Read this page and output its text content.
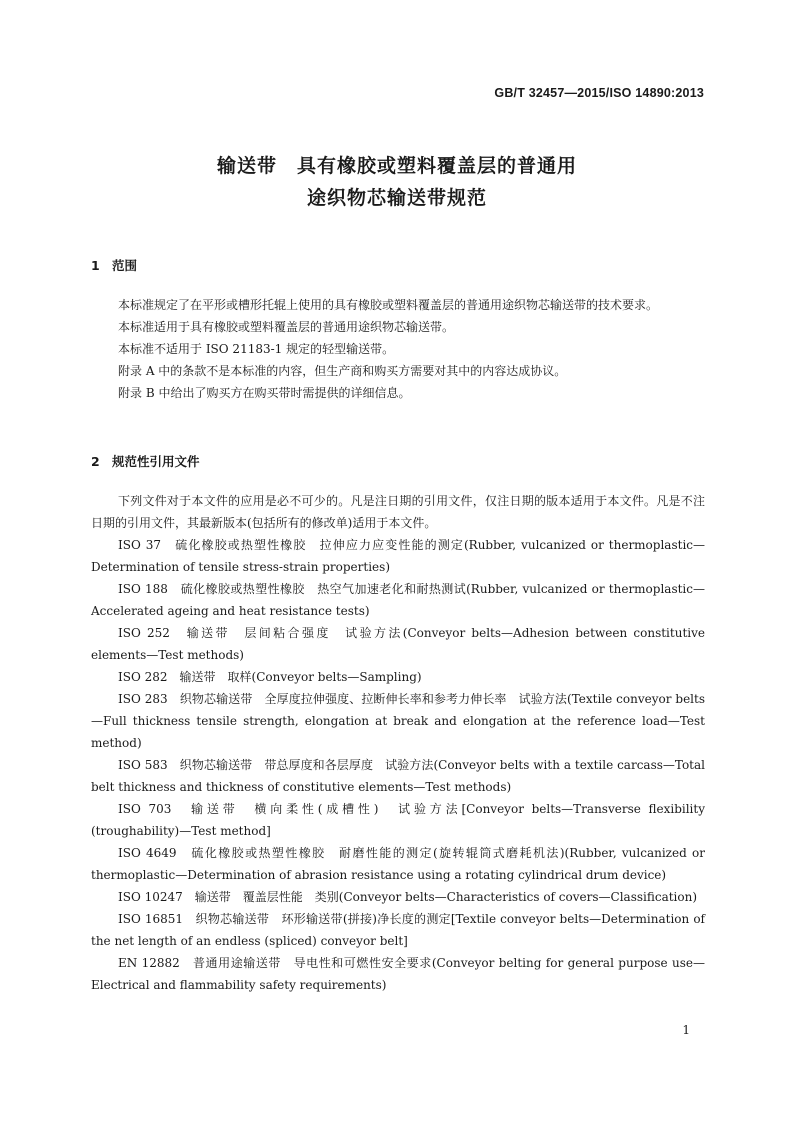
GB/T 32457—2015/ISO 14890:2013
输送带　具有橡胶或塑料覆盖层的普通用
途织物芯输送带规范
1 范围

本标准规定了在平形或槽形托辊上使用的具有橡胶或塑料覆盖层的普通用途织物芯输送带的技术要求。

本标准适用于具有橡胶或塑料覆盖层的普通用途织物芯输送带。

本标准不适用于 ISO 21183-1 规定的轻型输送带。

附录 A 中的条款不是本标准的内容，但生产商和购买方需要对其中的内容达成协议。

附录 B 中给出了购买方在购买带时需提供的详细信息。

2 规范性引用文件

下列文件对于本文件的应用是必不可少的。凡是注日期的引用文件，仅注日期的版本适用于本文件。凡是不注日期的引用文件，其最新版本(包括所有的修改单)适用于本文件。

ISO 37　硫化橡胶或热塑性橡胶　拉伸应力应变性能的测定(Rubber, vulcanized or thermoplastic—Determination of tensile stress-strain properties)

ISO 188　硫化橡胶或热塑性橡胶　热空气加速老化和耐热测试(Rubber, vulcanized or thermoplastic—Accelerated ageing and heat resistance tests)

ISO 252　输送带　层间粘合强度　试验方法(Conveyor belts—Adhesion between constitutive elements—Test methods)

ISO 282　输送带　取样(Conveyor belts—Sampling)

ISO 283　织物芯输送带　全厚度拉伸强度、拉断伸长率和参考力伸长率　试验方法(Textile conveyor belts—Full thickness tensile strength, elongation at break and elongation at the reference load—Test method)

ISO 583　织物芯输送带　带总厚度和各层厚度　试验方法(Conveyor belts with a textile carcass—Total belt thickness and thickness of constitutive elements—Test methods)

ISO 703　输送带　横向柔性(成槽性)　试验方法[Conveyor belts—Transverse flexibility (troughability)—Test method]

ISO 4649　硫化橡胶或热塑性橡胶　耐磨性能的测定(旋转辊筒式磨耗机法)(Rubber, vulcanized or thermoplastic—Determination of abrasion resistance using a rotating cylindrical drum device)

ISO 10247　输送带　覆盖层性能　类别(Conveyor belts—Characteristics of covers—Classification)

ISO 16851　织物芯输送带　环形输送带(拼接)净长度的测定[Textile conveyor belts—Determination of the net length of an endless (spliced) conveyor belt]

EN 12882　普通用途输送带　导电性和可燃性安全要求(Conveyor belting for general purpose use—Electrical and flammability safety requirements)

1
